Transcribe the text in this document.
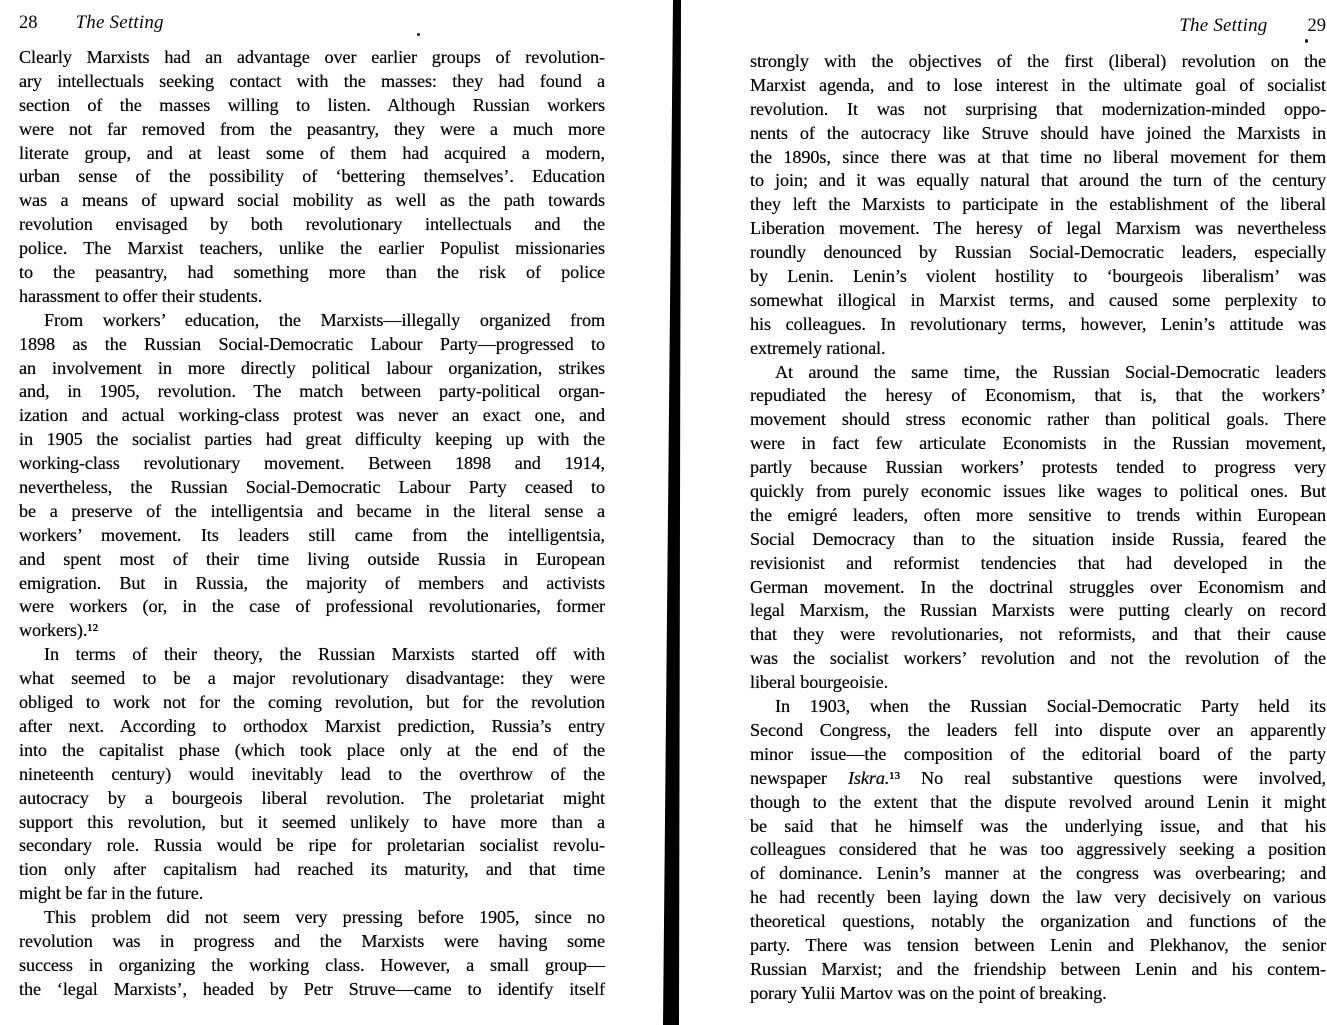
28 The Setting
Clearly Marxists had an advantage over earlier groups of revolution-
ary intellectuals seeking contact with the masses: they had found a
section of the masses willing to listen. Although Russian workers
were not far removed from the peasantry, they were a much more
literate group, and at least some of them had acquired a modern,
urban sense of the possibility of ‘bettering themselves’. Education
was a means of upward social mobility as well as the path towards
revolution envisaged by both revolutionary intellectuals and the
police. The Marxist teachers, unlike the earlier Populist missionaries
to the peasantry, had something more than the risk of police
harassment to offer their students.
From workers’ education, the Marxists—illegally organized from
1898 as the Russian Social-Democratic Labour Party—progressed to
an involvement in more directly political labour organization, strikes
and, in 1905, revolution. The match between party-political organ-
ization and actual working-class protest was never an exact one, and
in 1905 the socialist parties had great difficulty keeping up with the
working-class revolutionary movement. Between 1898 and 1914,
nevertheless, the Russian Social-Democratic Labour Party ceased to
be a preserve of the intelligentsia and became in the literal sense a
workers’ movement. Its leaders still came from the intelligentsia,
and spent most of their time living outside Russia in European
emigration. But in Russia, the majority of members and activists
were workers (or, in the case of professional revolutionaries, former
workers).¹²
In terms of their theory, the Russian Marxists started off with
what seemed to be a major revolutionary disadvantage: they were
obliged to work not for the coming revolution, but for the revolution
after next. According to orthodox Marxist prediction, Russia’s entry
into the capitalist phase (which took place only at the end of the
nineteenth century) would inevitably lead to the overthrow of the
autocracy by a bourgeois liberal revolution. The proletariat might
support this revolution, but it seemed unlikely to have more than a
secondary role. Russia would be ripe for proletarian socialist revolu-
tion only after capitalism had reached its maturity, and that time
might be far in the future.
This problem did not seem very pressing before 1905, since no
revolution was in progress and the Marxists were having some
success in organizing the working class. However, a small group—
the ‘legal Marxists’, headed by Petr Struve—came to identify itself
The Setting 29
strongly with the objectives of the first (liberal) revolution on the
Marxist agenda, and to lose interest in the ultimate goal of socialist
revolution. It was not surprising that modernization-minded oppo-
nents of the autocracy like Struve should have joined the Marxists in
the 1890s, since there was at that time no liberal movement for them
to join; and it was equally natural that around the turn of the century
they left the Marxists to participate in the establishment of the liberal
Liberation movement. The heresy of legal Marxism was nevertheless
roundly denounced by Russian Social-Democratic leaders, especially
by Lenin. Lenin’s violent hostility to ‘bourgeois liberalism’ was
somewhat illogical in Marxist terms, and caused some perplexity to
his colleagues. In revolutionary terms, however, Lenin’s attitude was
extremely rational.
At around the same time, the Russian Social-Democratic leaders
repudiated the heresy of Economism, that is, that the workers’
movement should stress economic rather than political goals. There
were in fact few articulate Economists in the Russian movement,
partly because Russian workers’ protests tended to progress very
quickly from purely economic issues like wages to political ones. But
the emigré leaders, often more sensitive to trends within European
Social Democracy than to the situation inside Russia, feared the
revisionist and reformist tendencies that had developed in the
German movement. In the doctrinal struggles over Economism and
legal Marxism, the Russian Marxists were putting clearly on record
that they were revolutionaries, not reformists, and that their cause
was the socialist workers’ revolution and not the revolution of the
liberal bourgeoisie.
In 1903, when the Russian Social-Democratic Party held its
Second Congress, the leaders fell into dispute over an apparently
minor issue—the composition of the editorial board of the party
newspaper Iskra.¹³ No real substantive questions were involved,
though to the extent that the dispute revolved around Lenin it might
be said that he himself was the underlying issue, and that his
colleagues considered that he was too aggressively seeking a position
of dominance. Lenin’s manner at the congress was overbearing; and
he had recently been laying down the law very decisively on various
theoretical questions, notably the organization and functions of the
party. There was tension between Lenin and Plekhanov, the senior
Russian Marxist; and the friendship between Lenin and his contem-
porary Yulii Martov was on the point of breaking.
